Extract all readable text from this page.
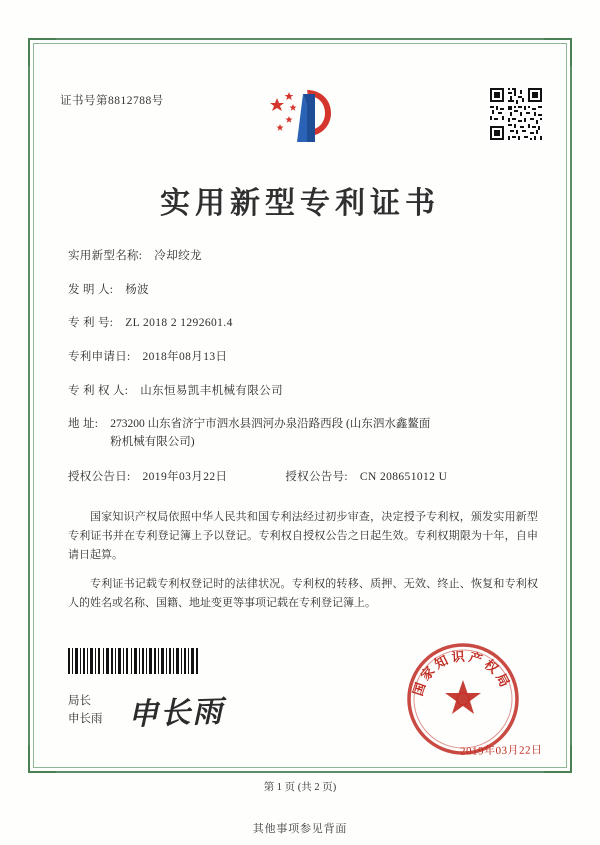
证书号第8812788号
实用新型专利证书
实用新型名称: 冷却绞龙
发 明 人: 杨波
专 利 号: ZL 2018 2 1292601.4
专利申请日: 2018年08月13日
专 利 权 人: 山东恒易凯丰机械有限公司
地 址: 273200 山东省济宁市泗水县泗河办泉沿路西段 (山东泗水鑫鳌面粉机械有限公司)
授权公告日: 2019年03月22日	授权公告号: CN 208651012 U

国家知识产权局依照中华人民共和国专利法经过初步审查，决定授予专利权，颁发实用新型专利证书并在专利登记簿上予以登记。专利权自授权公告之日起生效。专利权期限为十年，自申请日起算。

专利证书记载专利权登记时的法律状况。专利权的转移、质押、无效、终止、恢复和专利权人的姓名或名称、国籍、地址变更等事项记载在专利登记簿上。

局长
申长雨 申长雨
国家知识产权局
2019年03月22日
第 1 页 (共 2 页)
其他事项参见背面
